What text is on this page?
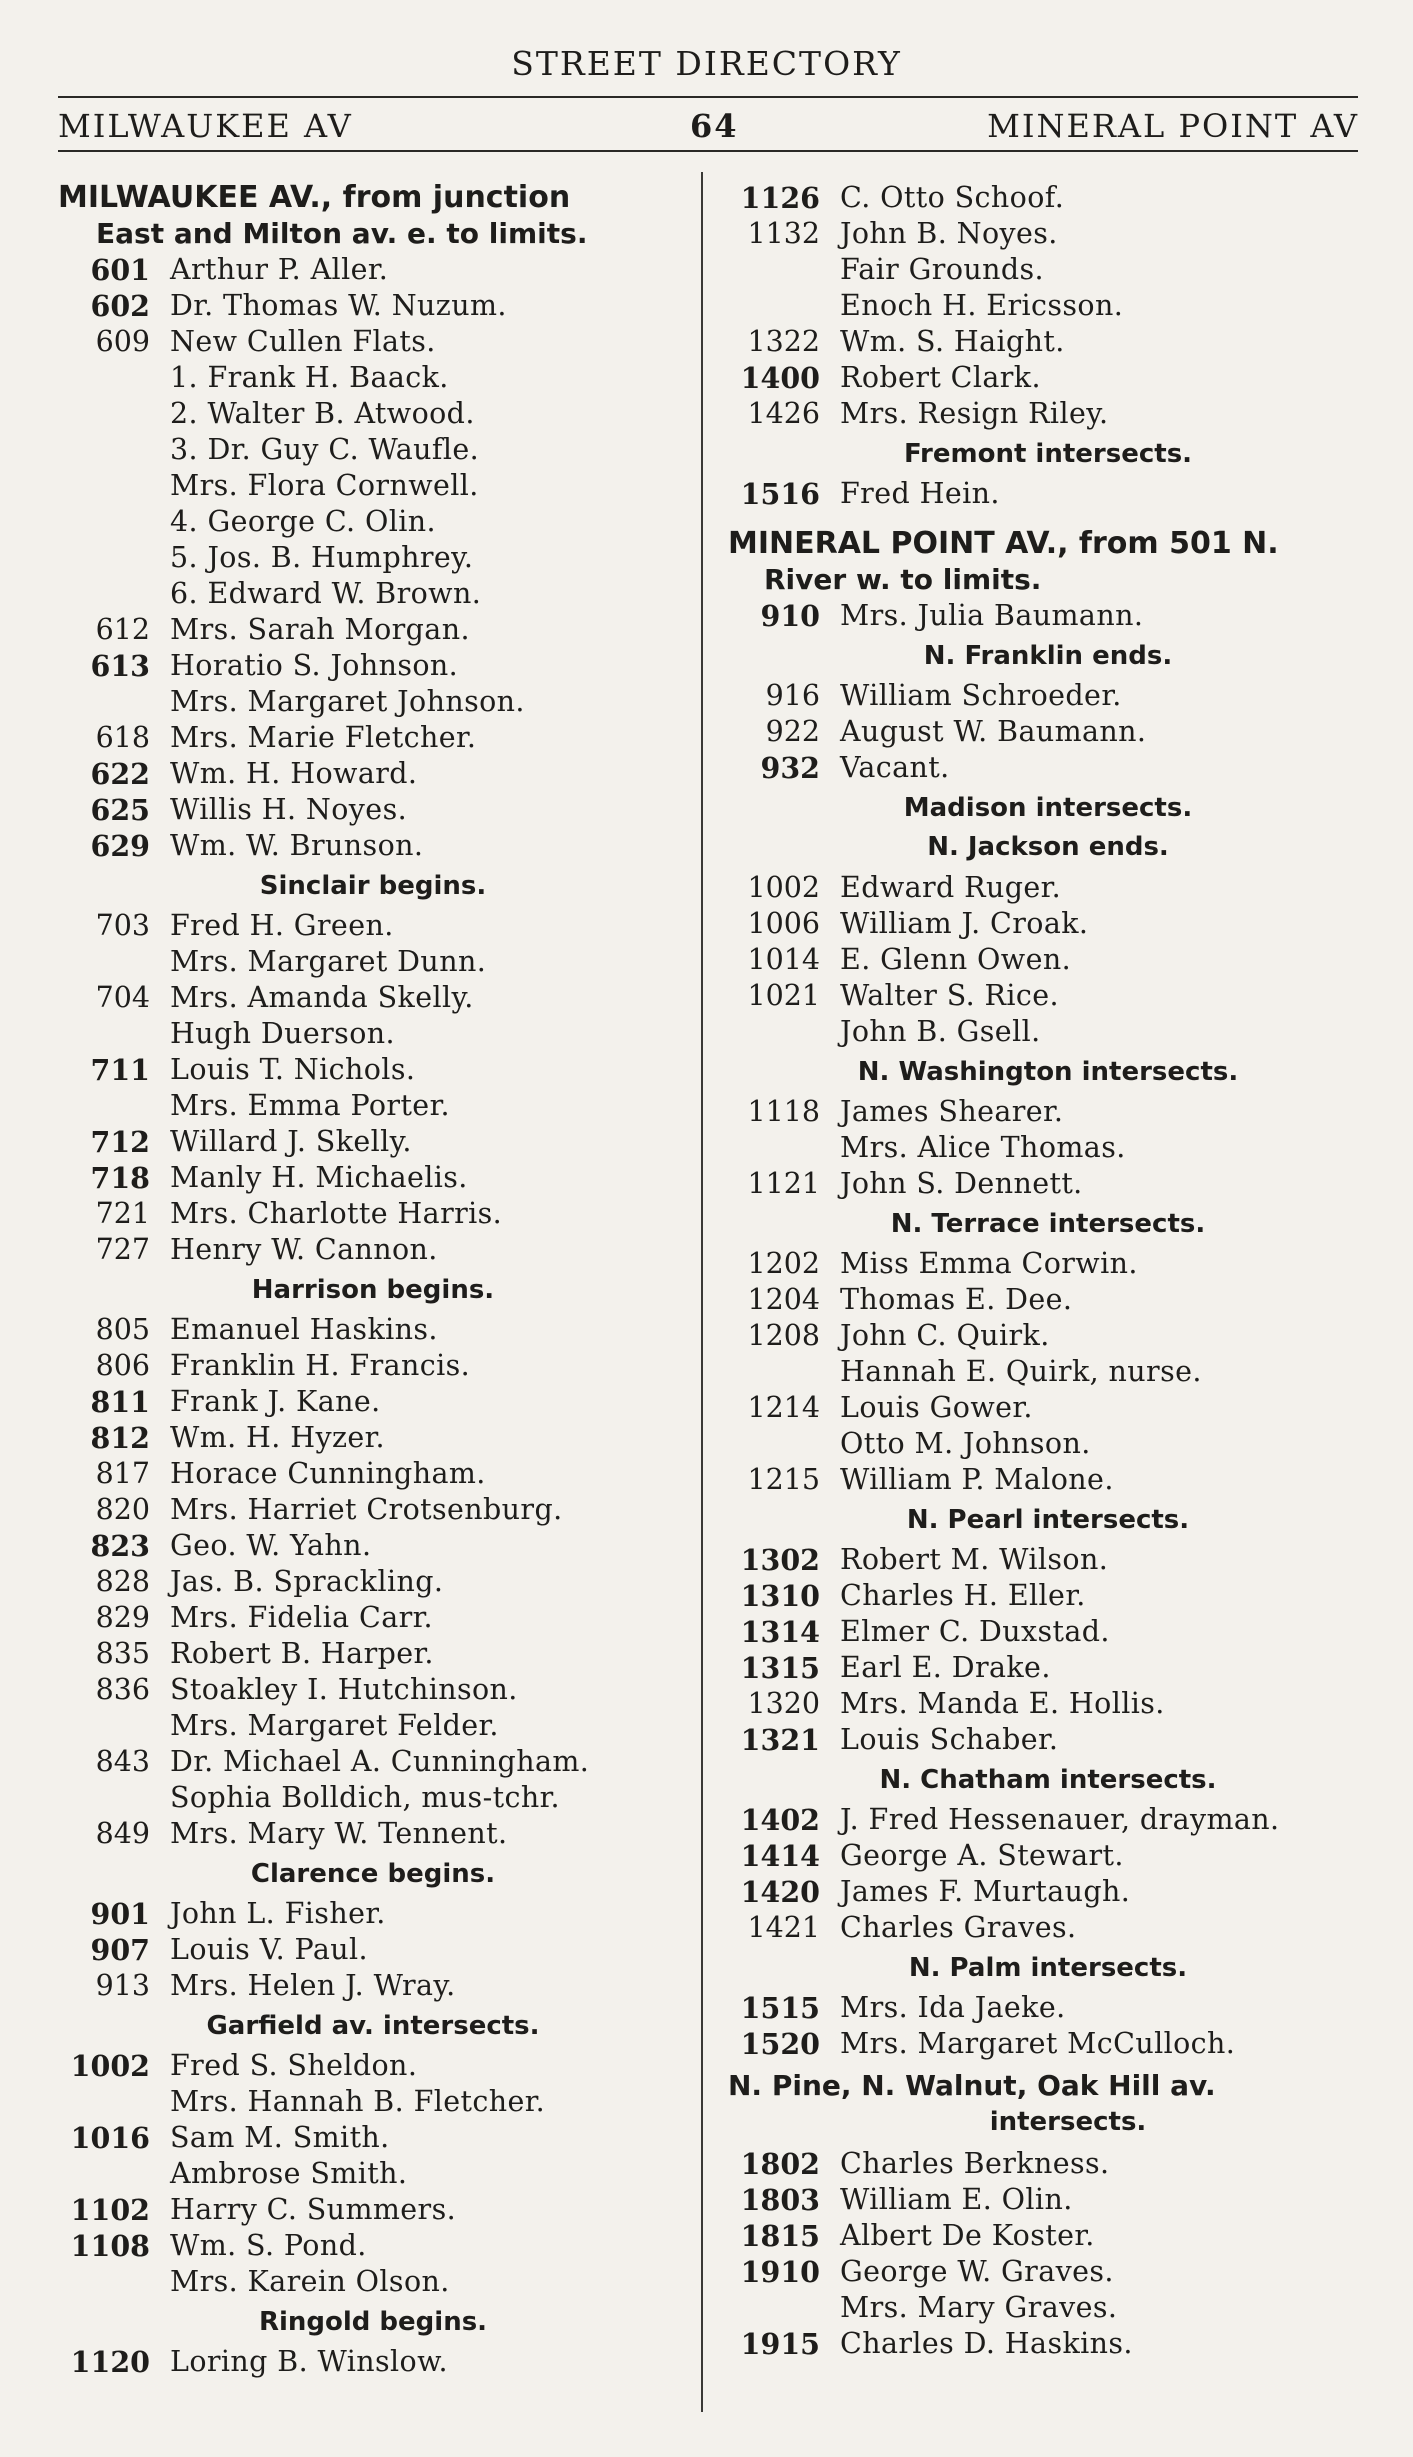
STREET DIRECTORY
MILWAUKEE AV	64	MINERAL POINT AV
MILWAUKEE AV., from junction
East and Milton av. e. to limits.
601 Arthur P. Aller.
602 Dr. Thomas W. Nuzum.
609 New Cullen Flats.
1. Frank H. Baack.
2. Walter B. Atwood.
3. Dr. Guy C. Waufle.
Mrs. Flora Cornwell.
4. George C. Olin.
5. Jos. B. Humphrey.
6. Edward W. Brown.
612 Mrs. Sarah Morgan.
613 Horatio S. Johnson.
Mrs. Margaret Johnson.
618 Mrs. Marie Fletcher.
622 Wm. H. Howard.
625 Willis H. Noyes.
629 Wm. W. Brunson.
Sinclair begins.
703 Fred H. Green.
Mrs. Margaret Dunn.
704 Mrs. Amanda Skelly.
Hugh Duerson.
711 Louis T. Nichols.
Mrs. Emma Porter.
712 Willard J. Skelly.
718 Manly H. Michaelis.
721 Mrs. Charlotte Harris.
727 Henry W. Cannon.
Harrison begins.
805 Emanuel Haskins.
806 Franklin H. Francis.
811 Frank J. Kane.
812 Wm. H. Hyzer.
817 Horace Cunningham.
820 Mrs. Harriet Crotsenburg.
823 Geo. W. Yahn.
828 Jas. B. Sprackling.
829 Mrs. Fidelia Carr.
835 Robert B. Harper.
836 Stoakley I. Hutchinson.
Mrs. Margaret Felder.
843 Dr. Michael A. Cunningham.
Sophia Bolldich, mus-tchr.
849 Mrs. Mary W. Tennent.
Clarence begins.
901 John L. Fisher.
907 Louis V. Paul.
913 Mrs. Helen J. Wray.
Garfield av. intersects.
1002 Fred S. Sheldon.
Mrs. Hannah B. Fletcher.
1016 Sam M. Smith.
Ambrose Smith.
1102 Harry C. Summers.
1108 Wm. S. Pond.
Mrs. Karein Olson.
Ringold begins.
1120 Loring B. Winslow.
1126 C. Otto Schoof.
1132 John B. Noyes.
Fair Grounds.
Enoch H. Ericsson.
1322 Wm. S. Haight.
1400 Robert Clark.
1426 Mrs. Resign Riley.
Fremont intersects.
1516 Fred Hein.
MINERAL POINT AV., from 501 N.
River w. to limits.
910 Mrs. Julia Baumann.
N. Franklin ends.
916 William Schroeder.
922 August W. Baumann.
932 Vacant.
Madison intersects.
N. Jackson ends.
1002 Edward Ruger.
1006 William J. Croak.
1014 E. Glenn Owen.
1021 Walter S. Rice.
John B. Gsell.
N. Washington intersects.
1118 James Shearer.
Mrs. Alice Thomas.
1121 John S. Dennett.
N. Terrace intersects.
1202 Miss Emma Corwin.
1204 Thomas E. Dee.
1208 John C. Quirk.
Hannah E. Quirk, nurse.
1214 Louis Gower.
Otto M. Johnson.
1215 William P. Malone.
N. Pearl intersects.
1302 Robert M. Wilson.
1310 Charles H. Eller.
1314 Elmer C. Duxstad.
1315 Earl E. Drake.
1320 Mrs. Manda E. Hollis.
1321 Louis Schaber.
N. Chatham intersects.
1402 J. Fred Hessenauer, drayman.
1414 George A. Stewart.
1420 James F. Murtaugh.
1421 Charles Graves.
N. Palm intersects.
1515 Mrs. Ida Jaeke.
1520 Mrs. Margaret McCulloch.
N. Pine, N. Walnut, Oak Hill av.
intersects.
1802 Charles Berkness.
1803 William E. Olin.
1815 Albert De Koster.
1910 George W. Graves.
Mrs. Mary Graves.
1915 Charles D. Haskins.
